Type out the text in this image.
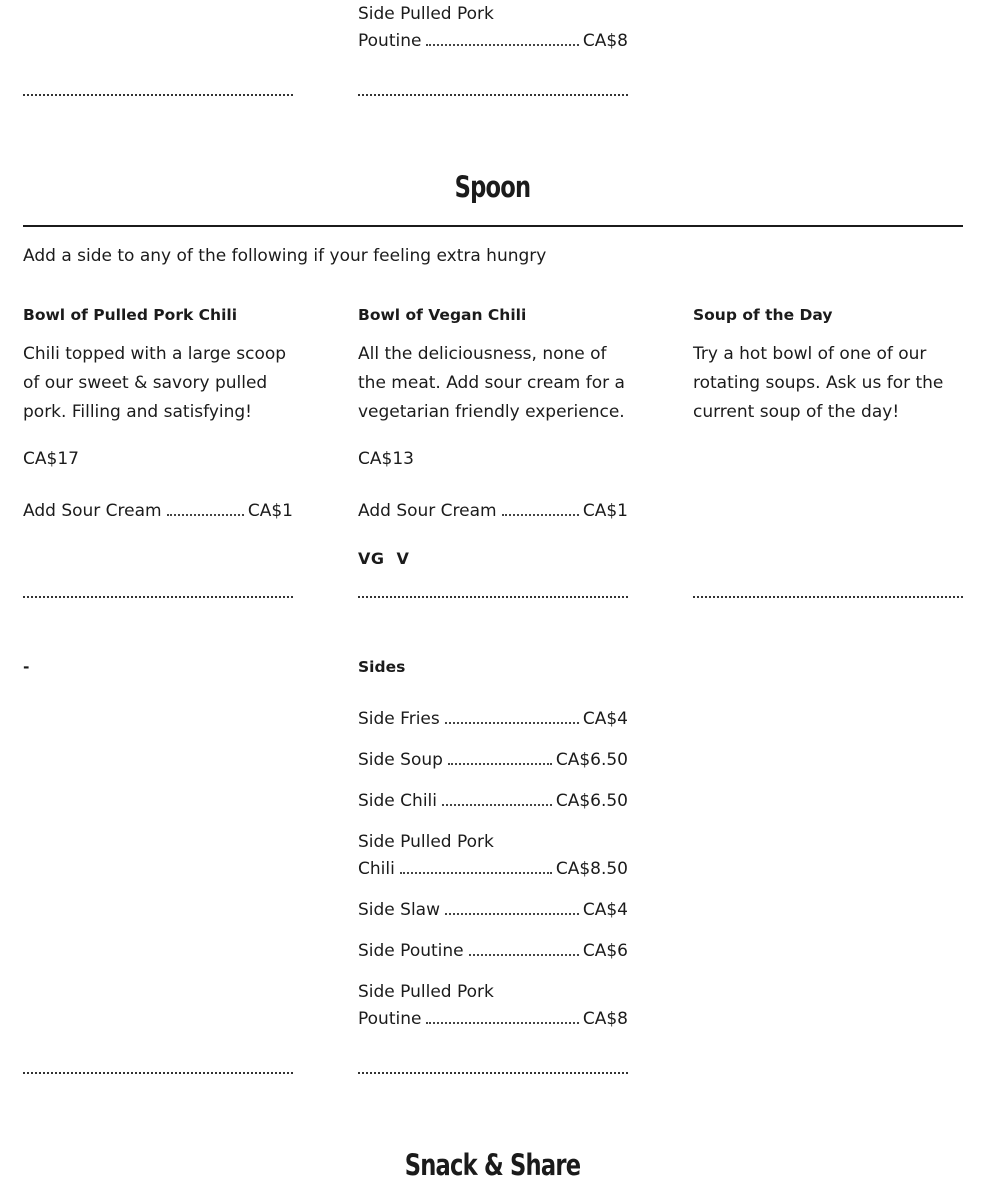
Side Pulled Pork
Poutine	CA$8
Spoon
Add a side to any of the following if your feeling extra hungry
Bowl of Pulled Pork Chili
Chili topped with a large scoop of our sweet & savory pulled pork. Filling and satisfying!
CA$17
Add Sour Cream	CA$1
Bowl of Vegan Chili
All the deliciousness, none of the meat. Add sour cream for a vegetarian friendly experience.
CA$13
Add Sour Cream	CA$1
VG V
Soup of the Day
Try a hot bowl of one of our rotating soups. Ask us for the current soup of the day!
-	Sides
Side Fries	CA$4
Side Soup	CA$6.50
Side Chili	CA$6.50
Side Pulled Pork
Chili	CA$8.50
Side Slaw	CA$4
Side Poutine	CA$6
Side Pulled Pork
Poutine	CA$8
Snack & Share
